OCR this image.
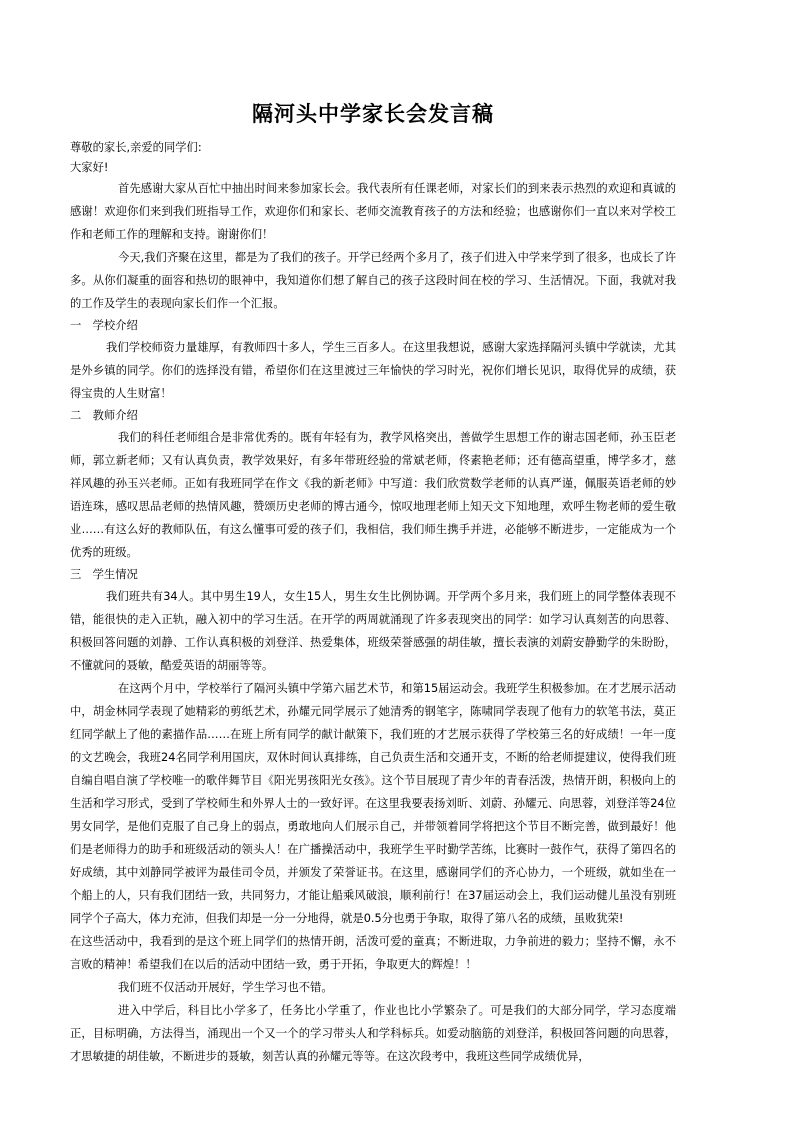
隔河头中学家长会发言稿

尊敬的家长,亲爱的同学们:

大家好!

首先感谢大家从百忙中抽出时间来参加家长会。我代表所有任课老师，对家长们的到来表示热烈的欢迎和真诚的感谢！欢迎你们来到我们班指导工作，欢迎你们和家长、老师交流教育孩子的方法和经验；也感谢你们一直以来对学校工作和老师工作的理解和支持。谢谢你们！

今天,我们齐聚在这里，都是为了我们的孩子。开学已经两个多月了，孩子们进入中学来学到了很多，也成长了许多。从你们凝重的面容和热切的眼神中，我知道你们想了解自己的孩子这段时间在校的学习、生活情况。下面，我就对我的工作及学生的表现向家长们作一个汇报。

一　学校介绍

我们学校师资力量雄厚，有教师四十多人，学生三百多人。在这里我想说，感谢大家选择隔河头镇中学就读，尤其是外乡镇的同学。你们的选择没有错，希望你们在这里渡过三年愉快的学习时光，祝你们增长见识，取得优异的成绩，获得宝贵的人生财富！

二　教师介绍

我们的科任老师组合是非常优秀的。既有年轻有为，教学风格突出，善做学生思想工作的谢志国老师，孙玉臣老师，郭立新老师；又有认真负责，教学效果好，有多年带班经验的常斌老师，佟素艳老师；还有德高望重，博学多才，慈祥风趣的孙玉兴老师。正如有我班同学在作文《我的新老师》中写道：我们欣赏数学老师的认真严谨，佩服英语老师的妙语连珠，感叹思品老师的热情风趣，赞颂历史老师的博古通今，惊叹地理老师上知天文下知地理，欢呼生物老师的爱生敬业……有这么好的教师队伍，有这么懂事可爱的孩子们，我相信，我们师生携手并进，必能够不断进步，一定能成为一个优秀的班级。

三　学生情况

我们班共有34人。其中男生19人，女生15人，男生女生比例协调。开学两个多月来，我们班上的同学整体表现不错，能很快的走入正轨，融入初中的学习生活。在开学的两周就涌现了许多表现突出的同学：如学习认真刻苦的向思蓉、积极回答问题的刘静、工作认真积极的刘登洋、热爱集体，班级荣誉感强的胡佳敏，擅长表演的刘蔚安静勤学的朱盼盼，不懂就问的聂敏，酷爱英语的胡丽等等。

在这两个月中，学校举行了隔河头镇中学第六届艺术节，和第15届运动会。我班学生积极参加。在才艺展示活动中，胡金林同学表现了她精彩的剪纸艺术，孙耀元同学展示了她清秀的钢笔字，陈啸同学表现了他有力的软笔书法，莫正红同学献上了他的素描作品……在班上所有同学的献计献策下，我们班的才艺展示获得了学校第三名的好成绩！一年一度的文艺晚会，我班24名同学利用国庆，双休时间认真排练，自己负责生活和交通开支，不断的给老师提建议，使得我们班自编自唱自演了学校唯一的歌伴舞节目《阳光男孩阳光女孩》。这个节目展现了青少年的青春活泼，热情开朗，积极向上的生活和学习形式，受到了学校师生和外界人士的一致好评。在这里我要表扬刘昕、刘蔚、孙耀元、向思蓉，刘登洋等24位男女同学，是他们克服了自己身上的弱点，勇敢地向人们展示自己，并带领着同学将把这个节目不断完善，做到最好！他们是老师得力的助手和班级活动的领头人！在广播操活动中，我班学生平时勤学苦练，比赛时一鼓作气，获得了第四名的好成绩，其中刘静同学被评为最佳司令员，并颁发了荣誉证书。在这里，感谢同学们的齐心协力，一个班级，就如坐在一个船上的人，只有我们团结一致，共同努力，才能让船乘风破浪，顺利前行！在37届运动会上，我们运动健儿虽没有别班同学个子高大，体力充沛，但我们却是一分一分地得，就是0.5分也勇于争取，取得了第八名的成绩，虽败犹荣!

在这些活动中，我看到的是这个班上同学们的热情开朗，活泼可爱的童真；不断进取，力争前进的毅力；坚持不懈，永不言败的精神！希望我们在以后的活动中团结一致，勇于开拓，争取更大的辉煌！！

我们班不仅活动开展好，学生学习也不错。

进入中学后，科目比小学多了，任务比小学重了，作业也比小学繁杂了。可是我们的大部分同学，学习态度端正，目标明确，方法得当，涌现出一个又一个的学习带头人和学科标兵。如爱动脑筋的刘登洋，积极回答问题的向思蓉，才思敏捷的胡佳敏，不断进步的聂敏，刻苦认真的孙耀元等等。在这次段考中，我班这些同学成绩优异，
